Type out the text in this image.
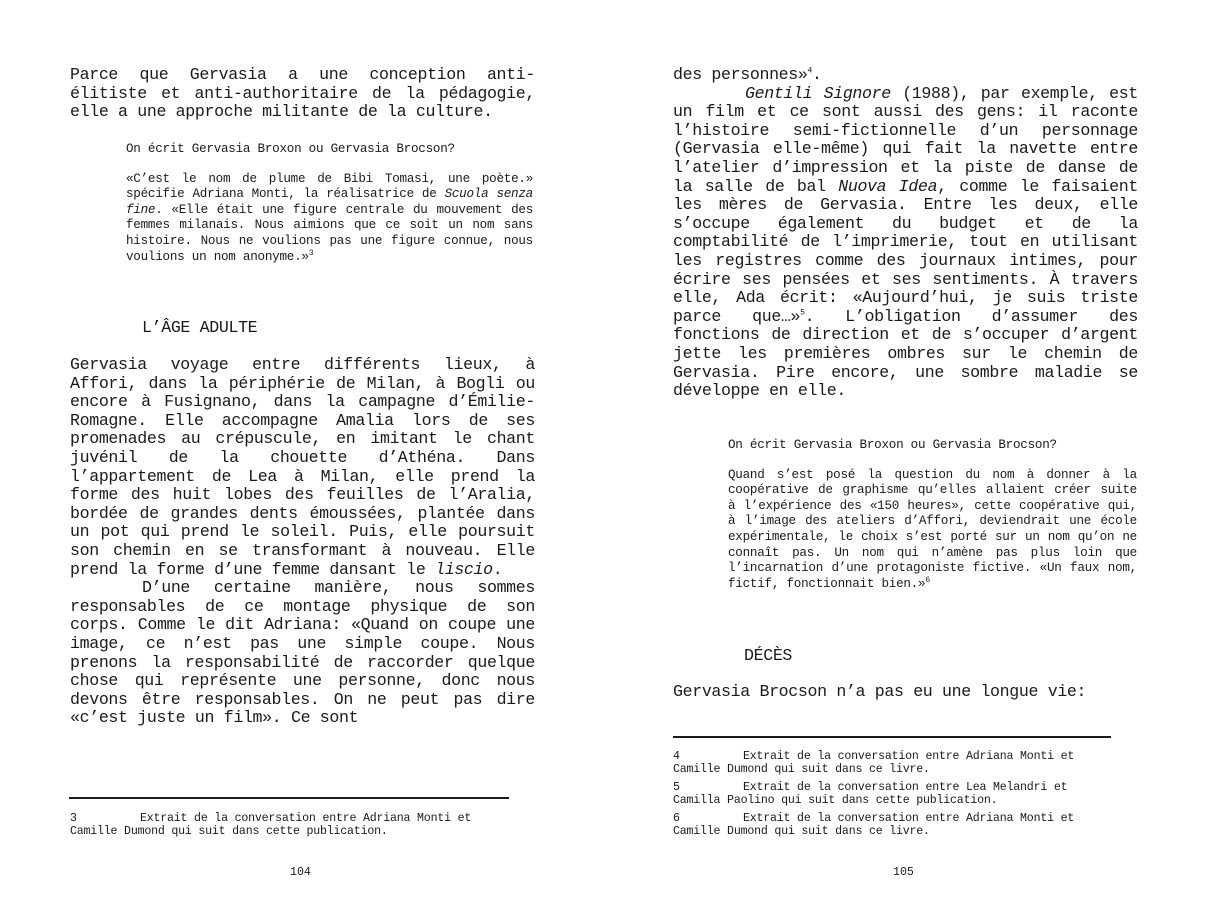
Parce que Gervasia a une conception anti-élitiste et anti-authoritaire de la pédagogie, elle a une approche militante de la culture.

On écrit Gervasia Broxon ou Gervasia Brocson?

«C’est le nom de plume de Bibi Tomasi, une poète.» spécifie Adriana Monti, la réalisatrice de Scuola senza fine. «Elle était une figure centrale du mouvement des femmes milanais. Nous aimions que ce soit un nom sans histoire. Nous ne voulions pas une figure connue, nous voulions un nom anonyme.»$^3$

L’ÂGE ADULTE

Gervasia voyage entre différents lieux, à Affori, dans la périphérie de Milan, à Bogli ou encore à Fusignano, dans la campagne d’Émilie-Romagne. Elle accompagne Amalia lors de ses promenades au crépuscule, en imitant le chant juvénil de la chouette d’Athéna. Dans l’appartement de Lea à Milan, elle prend la forme des huit lobes des feuilles de l’Aralia, bordée de grandes dents émoussées, plantée dans un pot qui prend le soleil. Puis, elle poursuit son chemin en se transformant à nouveau. Elle prend la forme d’une femme dansant le liscio.

D’une certaine manière, nous sommes responsables de ce montage physique de son corps. Comme le dit Adriana: «Quand on coupe une image, ce n’est pas une simple coupe. Nous prenons la responsabilité de raccorder quelque chose qui représente une personne, donc nous devons être responsables. On ne peut pas dire «c’est juste un film». Ce sont

3	Extrait de la conversation entre Adriana Monti et Camille Dumond qui suit dans cette publication.
104

des personnes»$^4$.

Gentili Signore (1988), par exemple, est un film et ce sont aussi des gens: il raconte l’histoire semi-fictionnelle d’un personnage (Gervasia elle-même) qui fait la navette entre l’atelier d’impression et la piste de danse de la salle de bal Nuova Idea, comme le faisaient les mères de Gervasia. Entre les deux, elle s’occupe également du budget et de la comptabilité de l’imprimerie, tout en utilisant les registres comme des journaux intimes, pour écrire ses pensées et ses sentiments. À travers elle, Ada écrit: «Aujourd’hui, je suis triste parce que…»$^5$. L’obligation d’assumer des fonctions de direction et de s’occuper d’argent jette les premières ombres sur le chemin de Gervasia. Pire encore, une sombre maladie se développe en elle.

On écrit Gervasia Broxon ou Gervasia Brocson?

Quand s’est posé la question du nom à donner à la coopérative de graphisme qu’elles allaient créer suite à l’expérience des «150 heures», cette coopérative qui, à l’image des ateliers d’Affori, deviendrait une école expérimentale, le choix s’est porté sur un nom qu’on ne connaît pas. Un nom qui n’amène pas plus loin que l’incarnation d’une protagoniste fictive. «Un faux nom, fictif, fonctionnait bien.»$^6$

DÉCÈS

Gervasia Brocson n’a pas eu une longue vie:

4	Extrait de la conversation entre Adriana Monti et Camille Dumond qui suit dans ce livre.
5	Extrait de la conversation entre Lea Melandri et Camilla Paolino qui suit dans cette publication.
6	Extrait de la conversation entre Adriana Monti et Camille Dumond qui suit dans ce livre.
105
